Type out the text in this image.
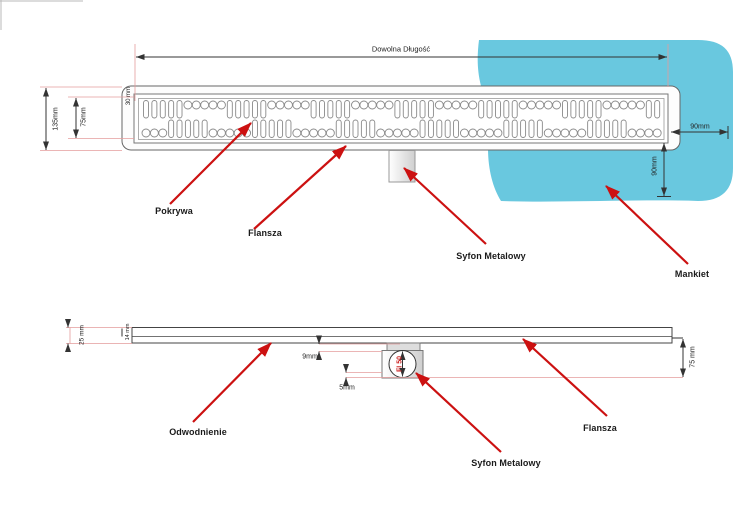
Dowolna Długość
135mm	75mm
30 mm
90mm
90mm
Pokrywa
Flansza
Syfon Metalowy
Mankiet
25 mm	14 mm
9mm
5mm
75 mm
FI 50
Odwodnienie
Syfon Metalowy
Flansza
